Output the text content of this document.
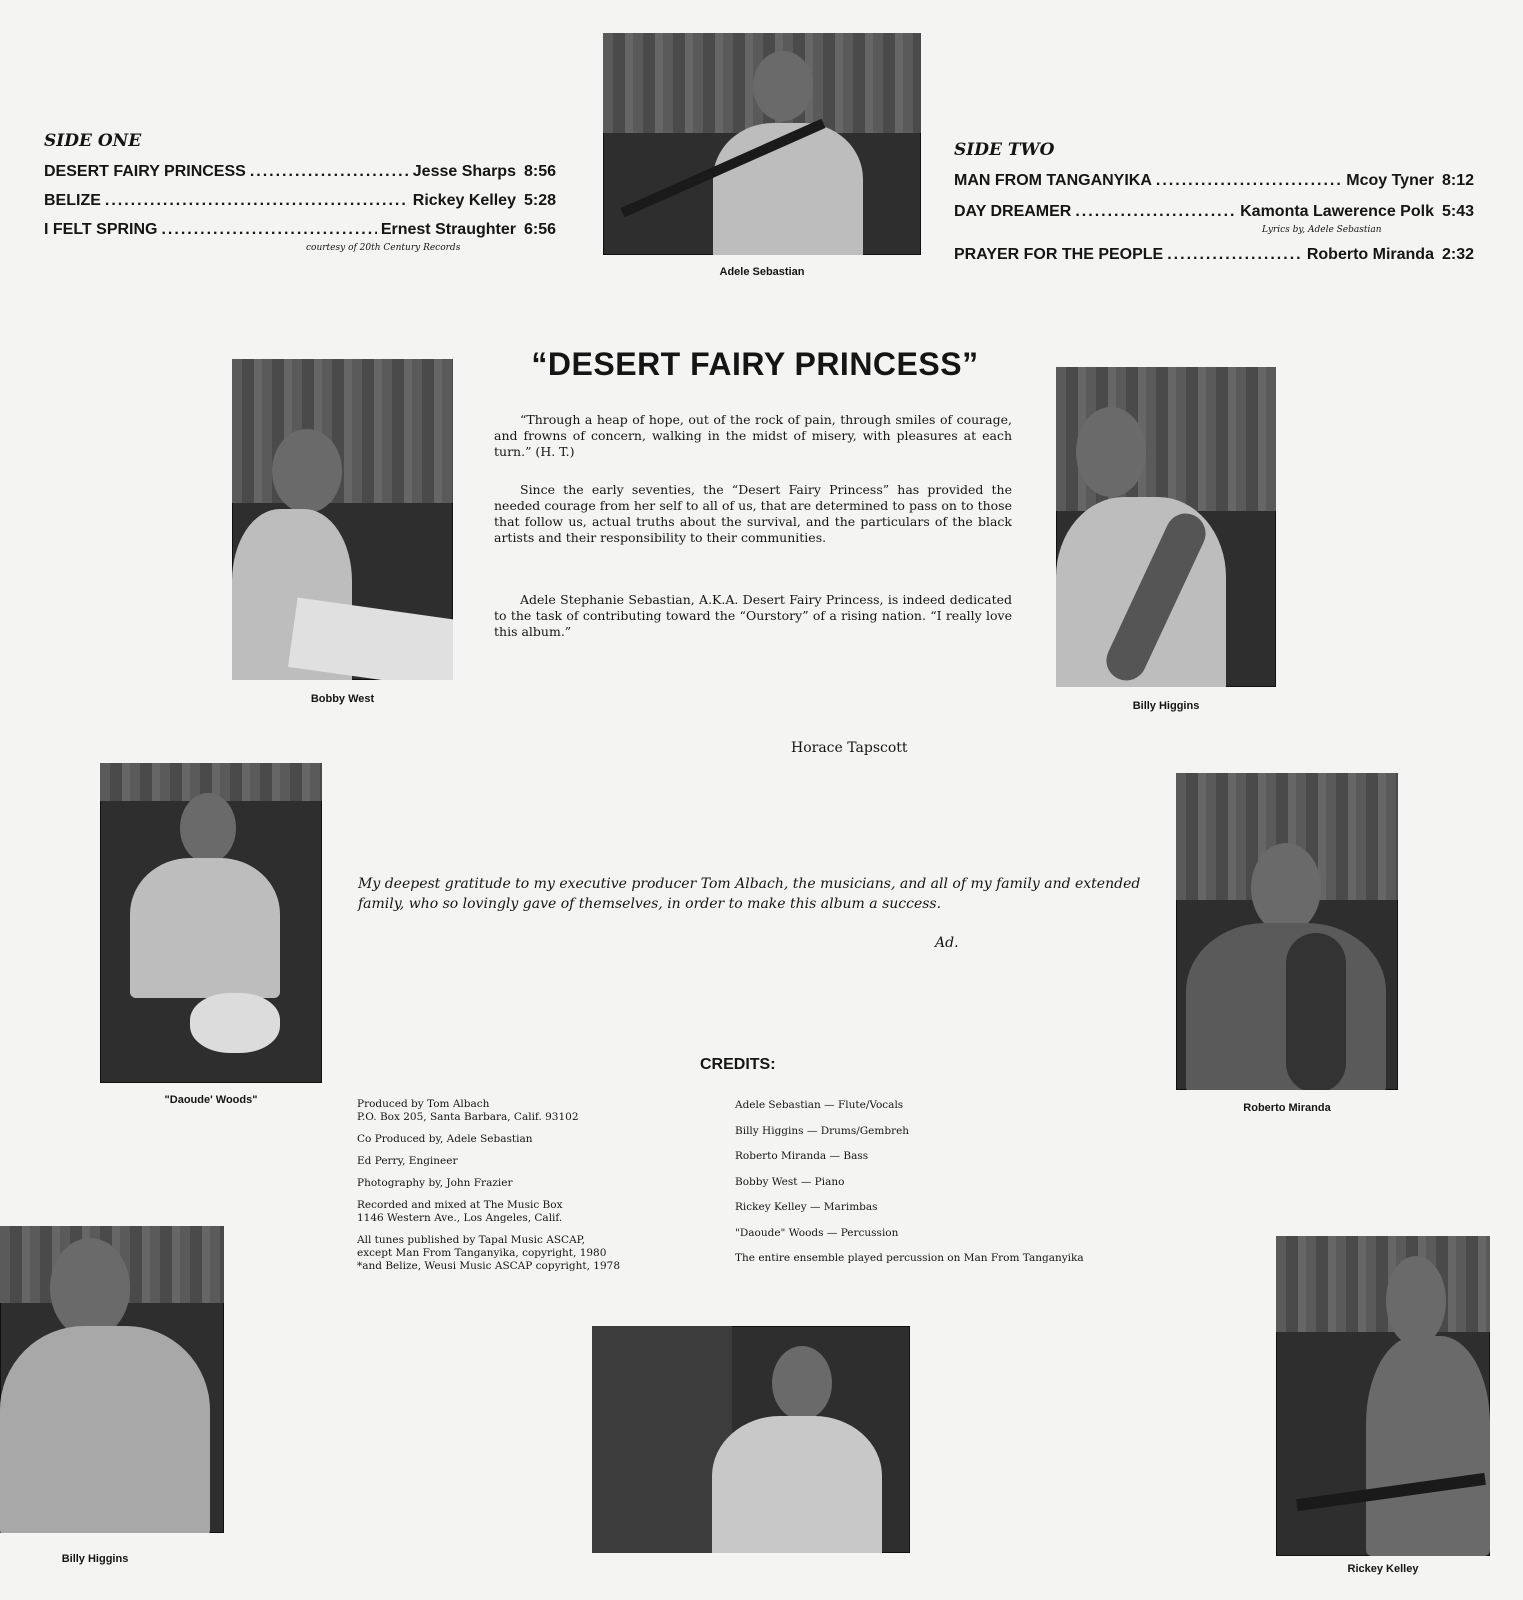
SIDE ONE
DESERT FAIRY PRINCESS .....	Jesse Sharps 8:56
BELIZE .....	Rickey Kelley 5:28
I FELT SPRING .....	Ernest Straughter 6:56
courtesy of 20th Century Records
SIDE TWO
MAN FROM TANGANYIKA .....	Mcoy Tyner 8:12
DAY DREAMER .....	Kamonta Lawerence Polk 5:43
Lyrics by, Adele Sebastian
PRAYER FOR THE PEOPLE .....	Roberto Miranda 2:32
Adele Sebastian
Bobby West
Billy Higgins
"Daoude' Woods"
Roberto Miranda
Billy Higgins
Rickey Kelley
“DESERT FAIRY PRINCESS”
“Through a heap of hope, out of the rock of pain, through smiles of courage, and frowns of concern, walking in the midst of misery, with pleasures at each turn.” (H. T.)
Since the early seventies, the “Desert Fairy Princess” has provided the needed courage from her self to all of us, that are determined to pass on to those that follow us, actual truths about the survival, and the particulars of the black artists and their responsibility to their communities.
Adele Stephanie Sebastian, A.K.A. Desert Fairy Princess, is indeed dedicated to the task of contributing toward the “Ourstory” of a rising nation. “I really love this album.”
Horace Tapscott
My deepest gratitude to my executive producer Tom Albach, the musicians, and all of my family and extended family, who so lovingly gave of themselves, in order to make this album a success.
Ad.
CREDITS:
Produced by Tom Albach
P.O. Box 205, Santa Barbara, Calif. 93102
Co Produced by, Adele Sebastian
Ed Perry, Engineer
Photography by, John Frazier
Recorded and mixed at The Music Box
1146 Western Ave., Los Angeles, Calif.
All tunes published by Tapal Music ASCAP,
except Man From Tanganyika, copyright, 1980
*and Belize, Weusi Music ASCAP copyright, 1978
Adele Sebastian — Flute/Vocals
Billy Higgins — Drums/Gembreh
Roberto Miranda — Bass
Bobby West — Piano
Rickey Kelley — Marimbas
"Daoude" Woods — Percussion
The entire ensemble played percussion on Man From Tanganyika
